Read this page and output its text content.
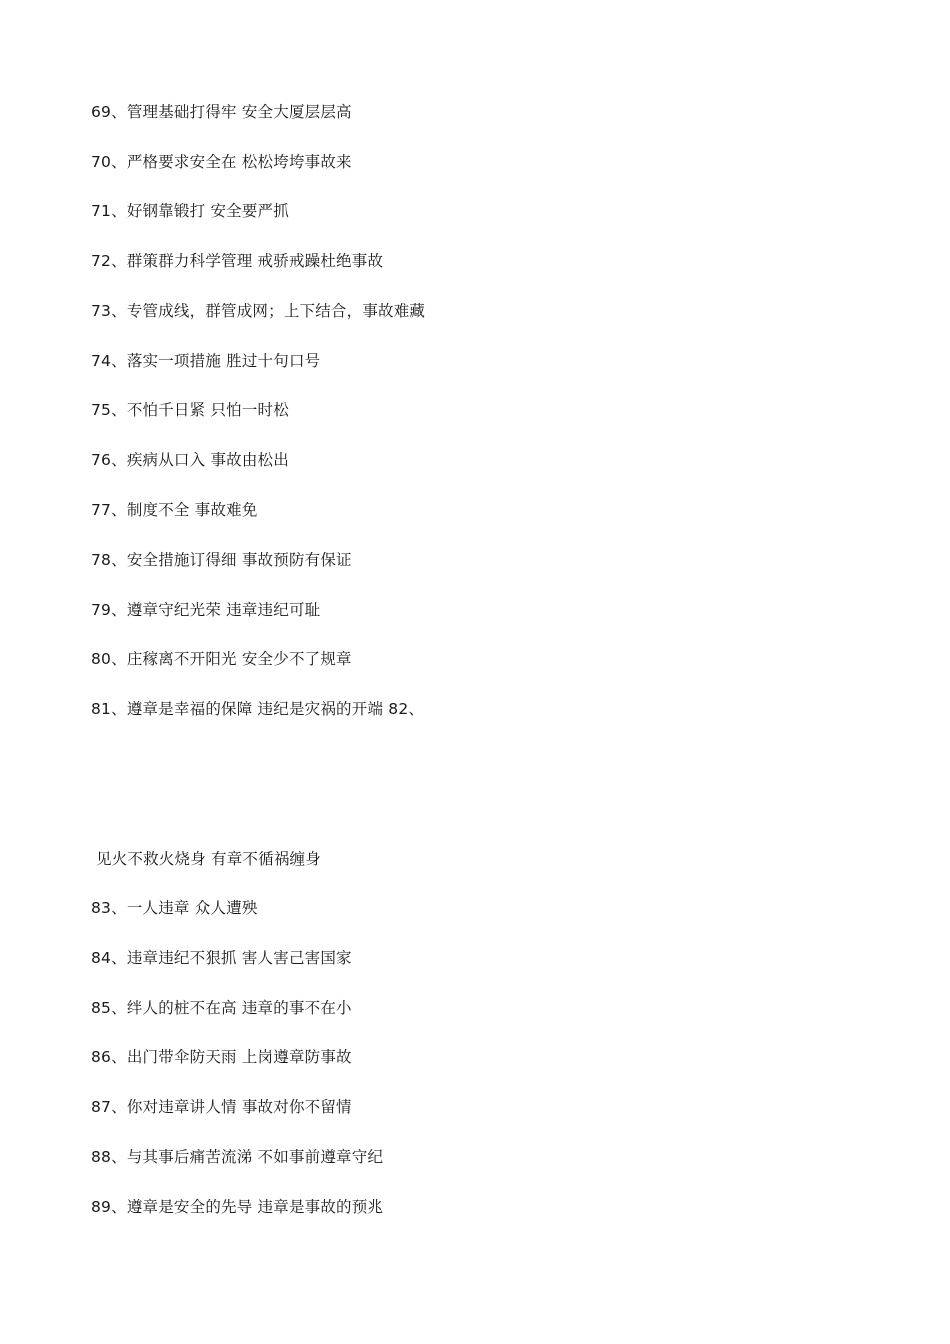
69、管理基础打得牢 安全大厦层层高
70、严格要求安全在 松松垮垮事故来
71、好钢靠锻打 安全要严抓
72、群策群力科学管理 戒骄戒躁杜绝事故
73、专管成线，群管成网；上下结合，事故难藏
74、落实一项措施 胜过十句口号
75、不怕千日紧 只怕一时松
76、疾病从口入 事故由松出
77、制度不全 事故难免
78、安全措施订得细 事故预防有保证
79、遵章守纪光荣 违章违纪可耻
80、庄稼离不开阳光 安全少不了规章
81、遵章是幸福的保障 违纪是灾祸的开端 82、
见火不救火烧身 有章不循祸缠身
83、一人违章 众人遭殃
84、违章违纪不狠抓 害人害己害国家
85、绊人的桩不在高 违章的事不在小
86、出门带伞防天雨 上岗遵章防事故
87、你对违章讲人情 事故对你不留情
88、与其事后痛苦流涕 不如事前遵章守纪
89、遵章是安全的先导 违章是事故的预兆
